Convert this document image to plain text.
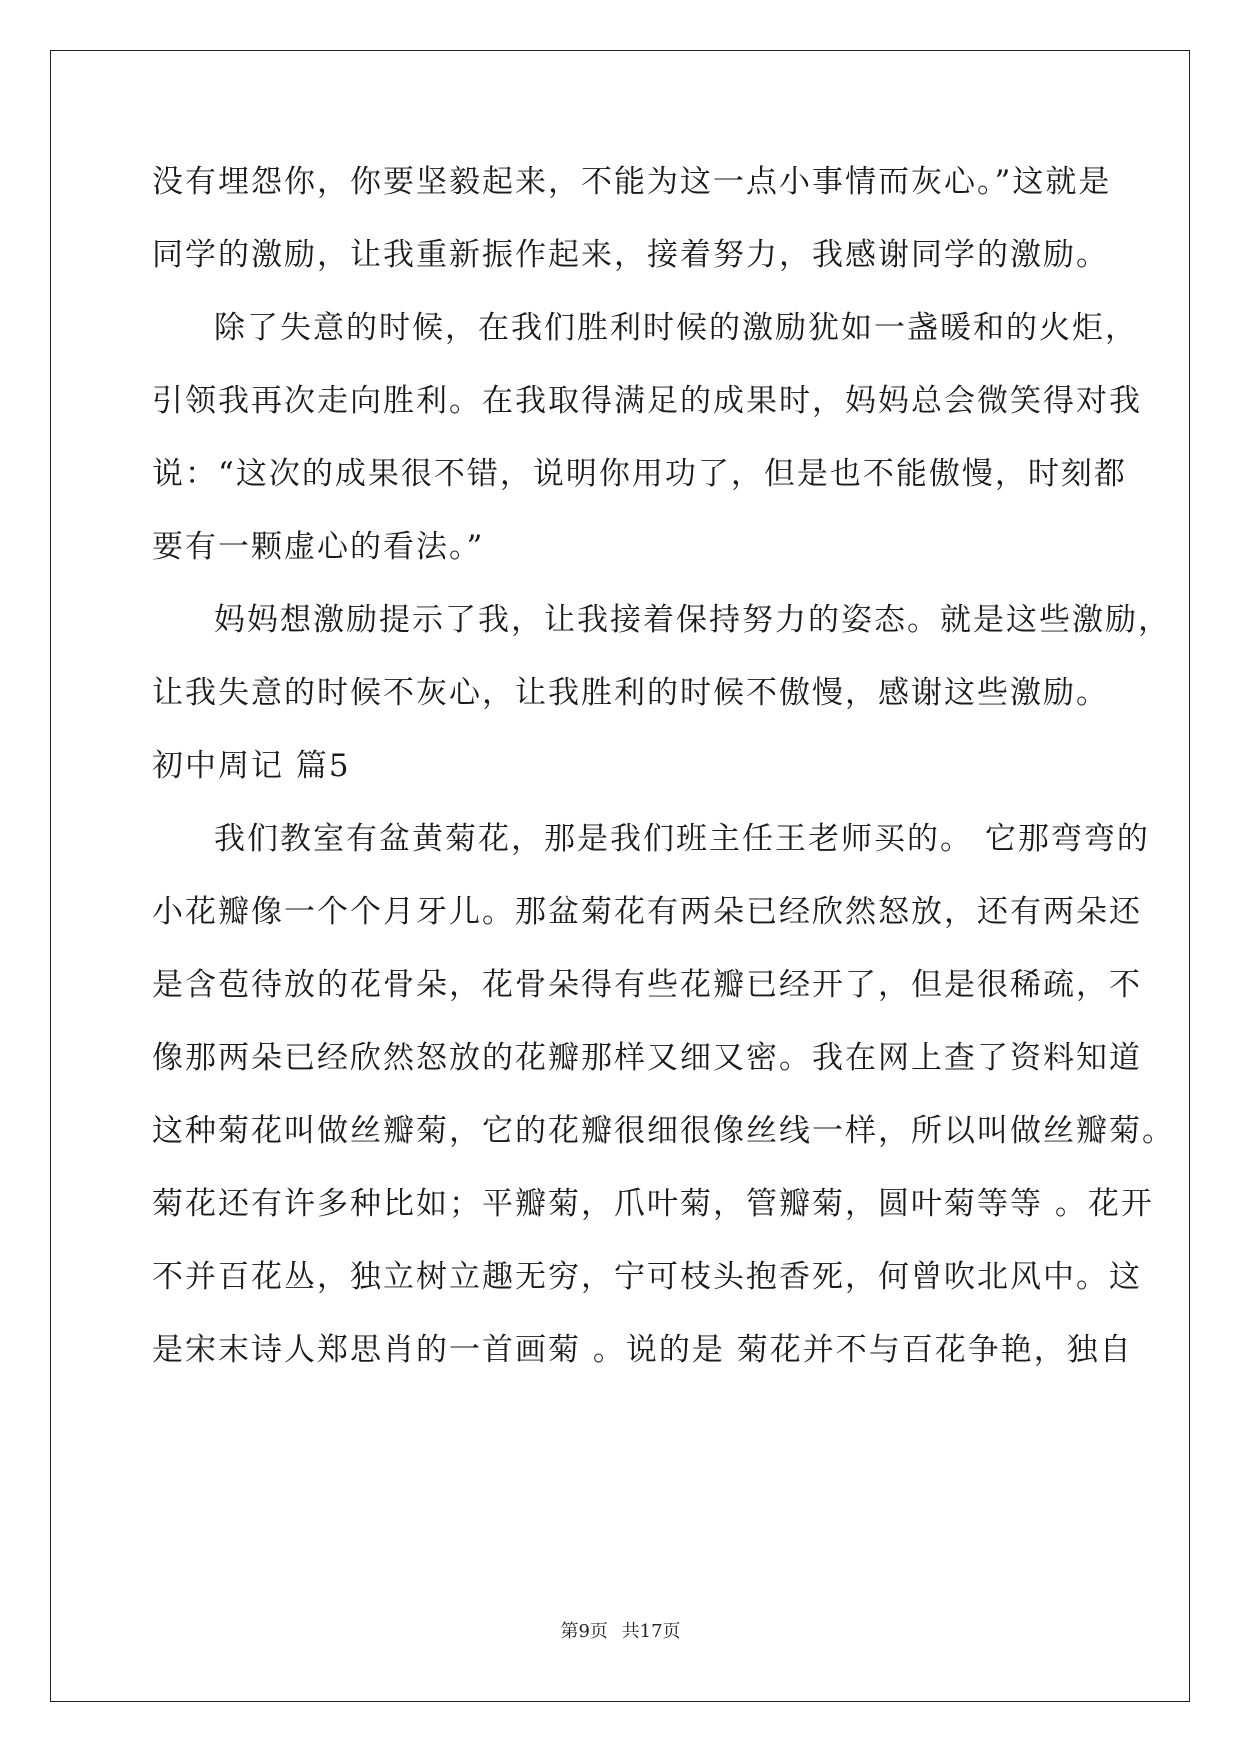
没有埋怨你，你要坚毅起来，不能为这一点小事情而灰心。”这就是
同学的激励，让我重新振作起来，接着努力，我感谢同学的激励。
除了失意的时候，在我们胜利时候的激励犹如一盏暖和的火炬，
引领我再次走向胜利。在我取得满足的成果时，妈妈总会微笑得对我
说：“这次的成果很不错，说明你用功了，但是也不能傲慢，时刻都
要有一颗虚心的看法。”
妈妈想激励提示了我，让我接着保持努力的姿态。就是这些激励，
让我失意的时候不灰心，让我胜利的时候不傲慢，感谢这些激励。
初中周记 篇5
我们教室有盆黄菊花，那是我们班主任王老师买的。 它那弯弯的
小花瓣像一个个月牙儿。那盆菊花有两朵已经欣然怒放，还有两朵还
是含苞待放的花骨朵，花骨朵得有些花瓣已经开了，但是很稀疏，不
像那两朵已经欣然怒放的花瓣那样又细又密。我在网上查了资料知道
这种菊花叫做丝瓣菊，它的花瓣很细很像丝线一样，所以叫做丝瓣菊。
菊花还有许多种比如；平瓣菊，爪叶菊，管瓣菊，圆叶菊等等 。花开
不并百花丛，独立树立趣无穷，宁可枝头抱香死，何曾吹北风中。这
是宋末诗人郑思肖的一首画菊 。说的是 菊花并不与百花争艳，独自
第9页 共17页
